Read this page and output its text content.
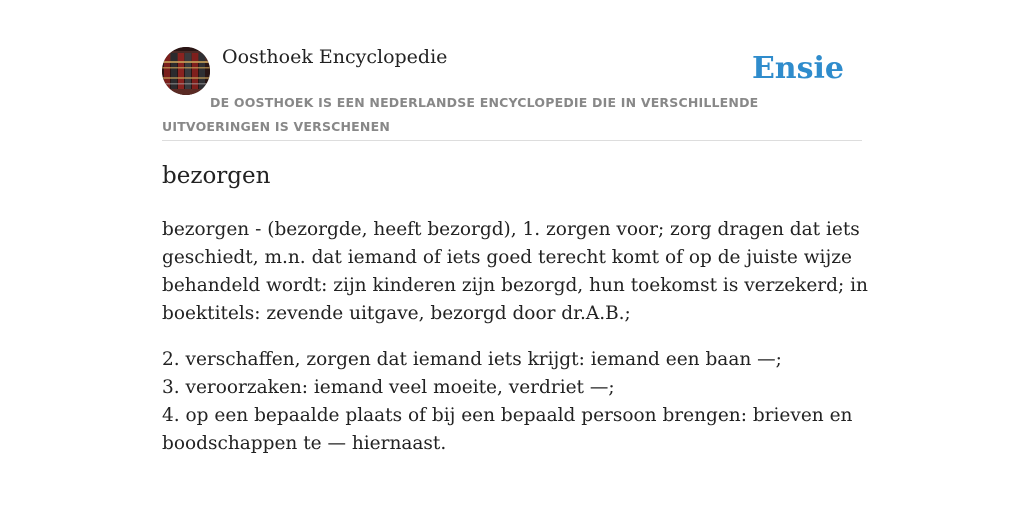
Oosthoek Encyclopedie	Ensie
DE OOSTHOEK IS EEN NEDERLANDSE ENCYCLOPEDIE DIE IN VERSCHILLENDE UITVOERINGEN IS VERSCHENEN
bezorgen

bezorgen - (bezorgde, heeft bezorgd), 1. zorgen voor; zorg dragen dat iets
geschiedt, m.n. dat iemand of iets goed terecht komt of op de juiste wijze
behandeld wordt: zijn kinderen zijn bezorgd, hun toekomst is verzekerd; in
boektitels: zevende uitgave, bezorgd door dr.A.B.;

2. verschaffen, zorgen dat iemand iets krijgt: iemand een baan —;
3. veroorzaken: iemand veel moeite, verdriet —;
4. op een bepaalde plaats of bij een bepaald persoon brengen: brieven en
boodschappen te — hiernaast.
